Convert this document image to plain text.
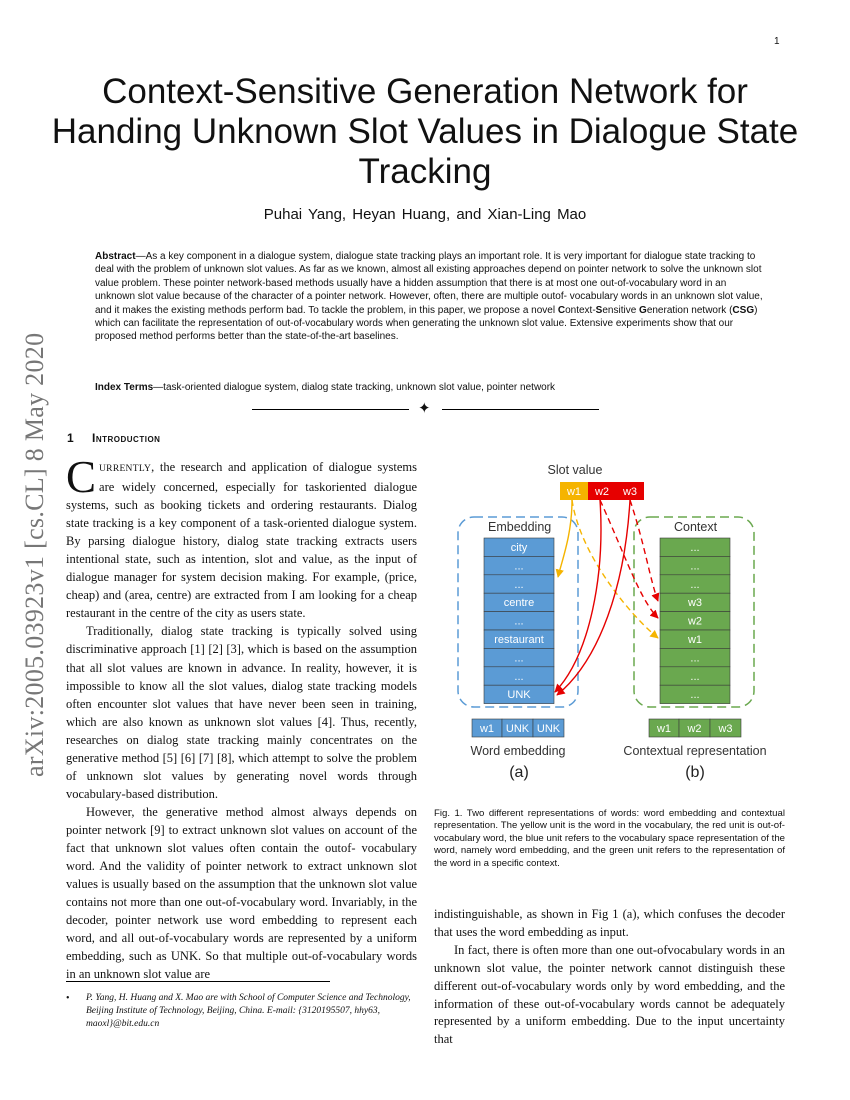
1
Context-Sensitive Generation Network for Handing Unknown Slot Values in Dialogue State Tracking
Puhai Yang, Heyan Huang, and Xian-Ling Mao
Abstract—As a key component in a dialogue system, dialogue state tracking plays an important role. It is very important for dialogue state tracking to deal with the problem of unknown slot values. As far as we known, almost all existing approaches depend on pointer network to solve the unknown slot value problem. These pointer network-based methods usually have a hidden assumption that there is at most one out-of-vocabulary word in an unknown slot value because of the character of a pointer network. However, often, there are multiple outof- vocabulary words in an unknown slot value, and it makes the existing methods perform bad. To tackle the problem, in this paper, we propose a novel Context-Sensitive Generation network (CSG) which can facilitate the representation of out-of-vocabulary words when generating the unknown slot value. Extensive experiments show that our proposed method performs better than the state-of-the-art baselines.
Index Terms—task-oriented dialogue system, dialog state tracking, unknown slot value, pointer network
✦
arXiv:2005.03923v1 [cs.CL] 8 May 2020 1 Introduction

CURRENTLY, the research and application of dialogue systems are widely concerned, especially for taskoriented dialogue systems, such as booking tickets and ordering restaurants. Dialog state tracking is a key component of a task-oriented dialogue system. By parsing dialogue history, dialog state tracking extracts users intentional state, such as intention, slot and value, as the input of dialogue manager for system decision making. For example, (price, cheap) and (area, centre) are extracted from I am looking for a cheap restaurant in the centre of the city as users state.

Traditionally, dialog state tracking is typically solved using discriminative approach [1] [2] [3], which is based on the assumption that all slot values are known in advance. In reality, however, it is impossible to know all the slot values, dialog state tracking models often encounter slot values that have never been seen in training, which are also known as unknown slot values [4]. Thus, recently, researches on dialog state tracking mainly concentrates on the generative method [5] [6] [7] [8], which attempt to solve the problem of unknown slot values by generating novel words through vocabulary-based distribution.

However, the generative method almost always depends on pointer network [9] to extract unknown slot values on account of the fact that unknown slot values often contain the outof- vocabulary word. And the validity of pointer network to extract unknown slot values is usually based on the assumption that the unknown slot value contains not more than one out-of-vocabulary word. Invariably, in the decoder, pointer network use word embedding to represent each word, and all out-of-vocabulary words are represented by a uniform embedding, such as UNK. So that multiple out-of-vocabulary words in an unknown slot value are

• P. Yang, H. Huang and X. Mao are with School of Computer Science and Technology, Beijing Institute of Technology, Beijing, China. E-mail: {3120195507, hhy63, maoxl}@bit.edu.cn
Slot value
w1 w2 w3
Embedding	Context
city
...
...
centre
...
restaurant
...
...
UNK
...
...
...
w3
w2
w1
...
...
...
w1 UNK UNK	w1 w2 w3
Word embedding	Contextual representation
(a)	(b)
Fig. 1. Two different representations of words: word embedding and contextual representation. The yellow unit is the word in the vocabulary, the red unit is out-of-vocabulary word, the blue unit refers to the vocabulary space representation of the word, namely word embedding, and the green unit refers to the representation of the word in a specific context.

indistinguishable, as shown in Fig 1 (a), which confuses the decoder that uses the word embedding as input.

In fact, there is often more than one out-ofvocabulary words in an unknown slot value, the pointer network cannot distinguish these different out-of-vocabulary words only by word embedding, and the information of these out-of-vocabulary words cannot be adequately represented by a uniform embedding. Due to the input uncertainty that
